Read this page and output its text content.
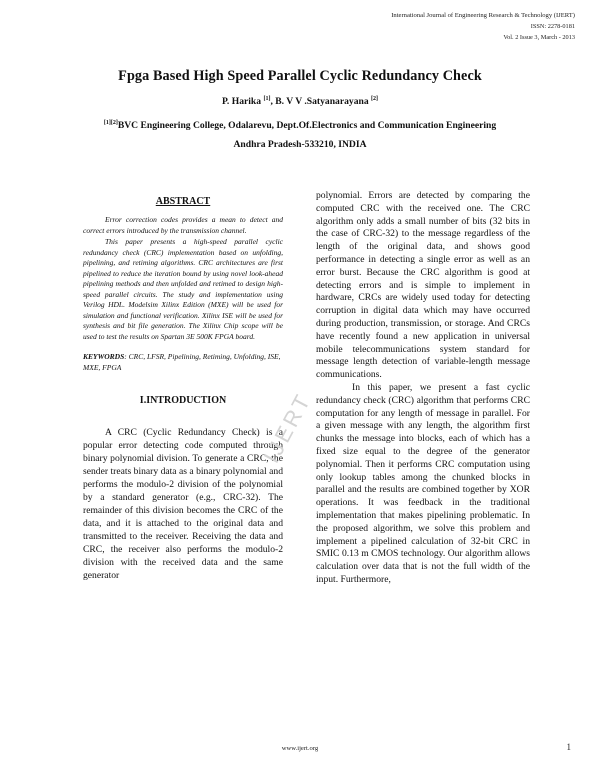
International Journal of Engineering Research & Technology (IJERT)
ISSN: 2278-0181
Vol. 2 Issue 3, March - 2013
Fpga Based High Speed Parallel Cyclic Redundancy Check
P. Harika [1], B. V V .Satyanarayana [2]
[1][2]BVC Engineering College, Odalarevu, Dept.Of.Electronics and Communication Engineering
Andhra Pradesh-533210, INDIA
ABSTRACT

Error correction codes provides a mean to detect and correct errors introduced by the transmission channel.

This paper presents a high-speed parallel cyclic redundancy check (CRC) implementation based on unfolding, pipelining, and retiming algorithms. CRC architectures are first pipelined to reduce the iteration bound by using novel look-ahead pipelining methods and then unfolded and retimed to design high-speed parallel circuits. The study and implementation using Verilog HDL. Modelsim Xilinx Edition (MXE) will be used for simulation and functional verification. Xilinx ISE will be used for synthesis and bit file generation. The Xilinx Chip scope will be used to test the results on Spartan 3E 500K FPGA board.

KEYWORDS: CRC, LFSR, Pipelining, Retiming, Unfolding, ISE, MXE, FPGA

I.INTRODUCTION

A CRC (Cyclic Redundancy Check) is a popular error detecting code computed through binary polynomial division. To generate a CRC, the sender treats binary data as a binary polynomial and performs the modulo-2 division of the polynomial by a standard generator (e.g., CRC-32). The remainder of this division becomes the CRC of the data, and it is attached to the original data and transmitted to the receiver. Receiving the data and CRC, the receiver also performs the modulo-2 division with the received data and the same generator

polynomial. Errors are detected by comparing the computed CRC with the received one. The CRC algorithm only adds a small number of bits (32 bits in the case of CRC-32) to the message regardless of the length of the original data, and shows good performance in detecting a single error as well as an error burst. Because the CRC algorithm is good at detecting errors and is simple to implement in hardware, CRCs are widely used today for detecting corruption in digital data which may have occurred during production, transmission, or storage. And CRCs have recently found a new application in universal mobile telecommunications system standard for message length detection of variable-length message communications.

In this paper, we present a fast cyclic redundancy check (CRC) algorithm that performs CRC computation for any length of message in parallel. For a given message with any length, the algorithm first chunks the message into blocks, each of which has a fixed size equal to the degree of the generator polynomial. Then it performs CRC computation using only lookup tables among the chunked blocks in parallel and the results are combined together by XOR operations. It was feedback in the traditional implementation that makes pipelining problematic. In the proposed algorithm, we solve this problem and implement a pipelined calculation of 32-bit CRC in SMIC 0.13 m CMOS technology. Our algorithm allows calculation over data that is not the full width of the input. Furthermore,

IJERT
www.ijert.org	1
